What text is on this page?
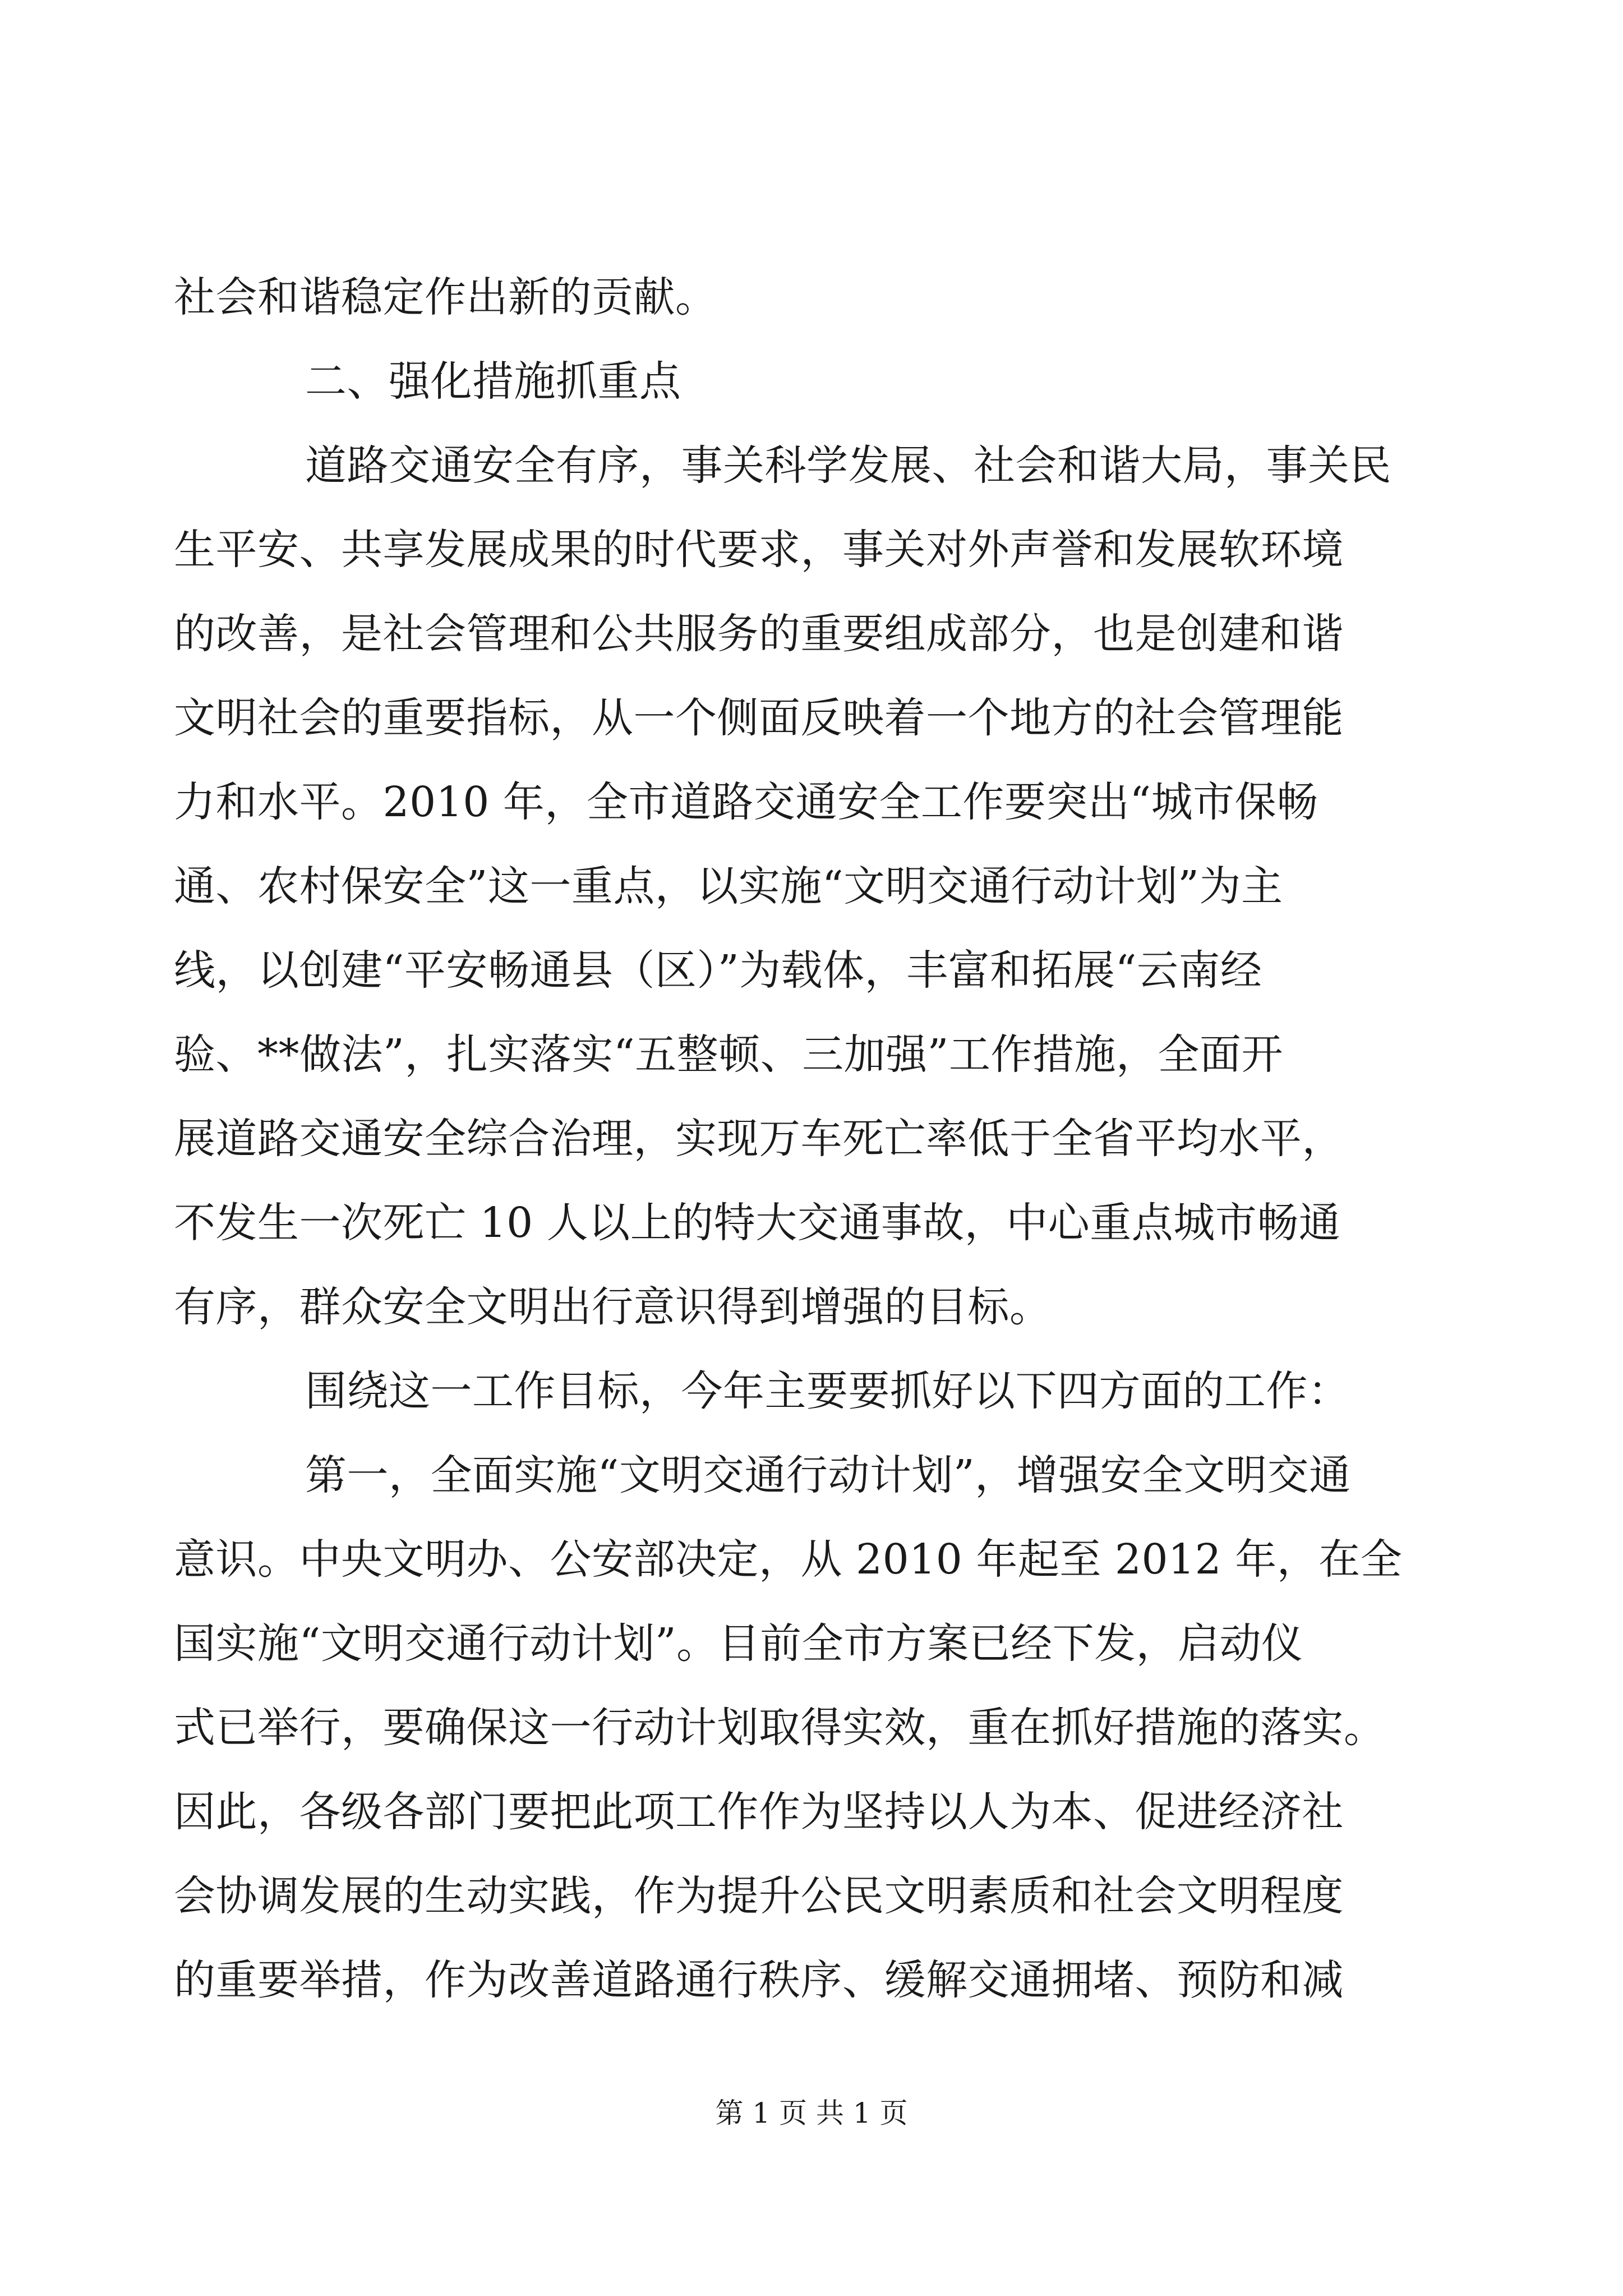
社会和谐稳定作出新的贡献。
二、强化措施抓重点
道路交通安全有序，事关科学发展、社会和谐大局，事关民
生平安、共享发展成果的时代要求，事关对外声誉和发展软环境
的改善，是社会管理和公共服务的重要组成部分，也是创建和谐
文明社会的重要指标，从一个侧面反映着一个地方的社会管理能
力和水平。2010 年，全市道路交通安全工作要突出“城市保畅
通、农村保安全”这一重点，以实施“文明交通行动计划”为主
线，以创建“平安畅通县（区）”为载体，丰富和拓展“云南经
验、**做法”，扎实落实“五整顿、三加强”工作措施，全面开
展道路交通安全综合治理，实现万车死亡率低于全省平均水平，
不发生一次死亡 10 人以上的特大交通事故，中心重点城市畅通
有序，群众安全文明出行意识得到增强的目标。
围绕这一工作目标，今年主要要抓好以下四方面的工作：
第一，全面实施“文明交通行动计划”，增强安全文明交通
意识。中央文明办、公安部决定，从 2010 年起至 2012 年，在全
国实施“文明交通行动计划”。目前全市方案已经下发，启动仪
式已举行，要确保这一行动计划取得实效，重在抓好措施的落实。
因此，各级各部门要把此项工作作为坚持以人为本、促进经济社
会协调发展的生动实践，作为提升公民文明素质和社会文明程度
的重要举措，作为改善道路通行秩序、缓解交通拥堵、预防和减
第 1 页 共 1 页
